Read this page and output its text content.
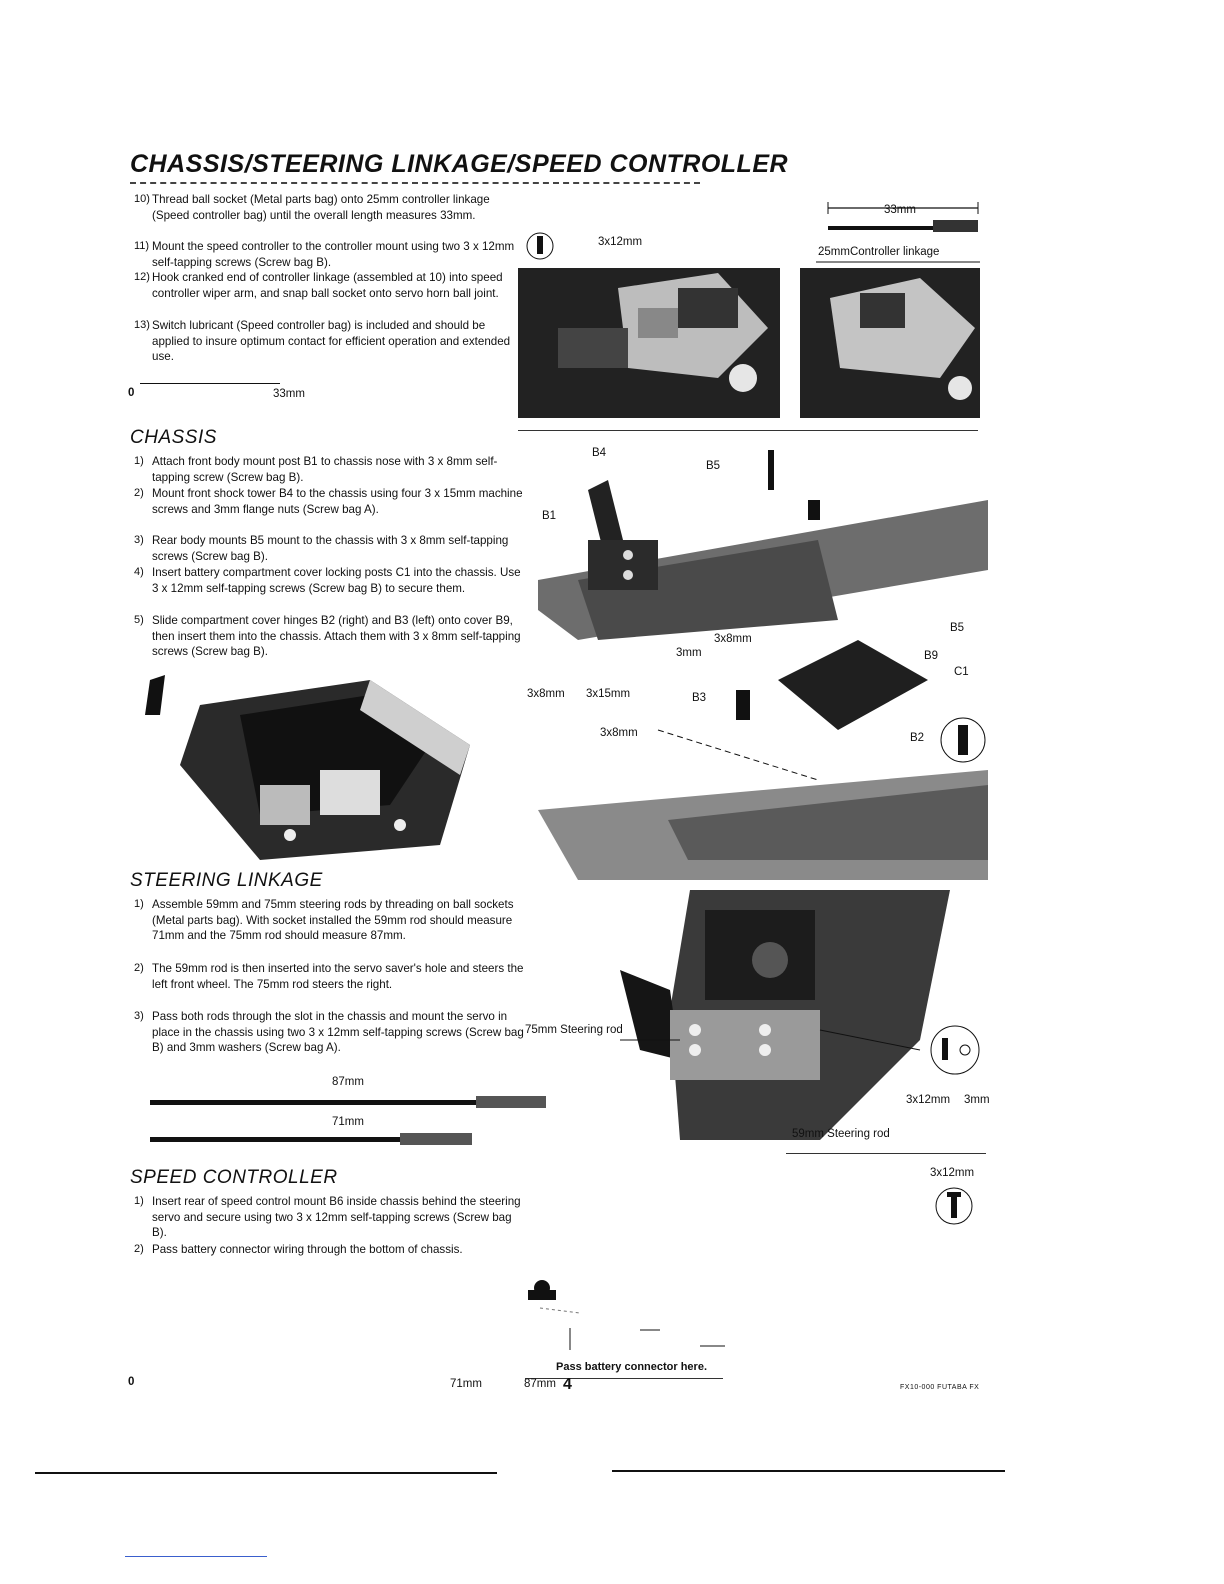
CHASSIS/STEERING LINKAGE/SPEED CONTROLLER
10) Thread ball socket (Metal parts bag) onto 25mm controller linkage (Speed controller bag) until the overall length measures 33mm.
11) Mount the speed controller to the controller mount using two 3 x 12mm self-tapping screws (Screw bag B).
12) Hook cranked end of controller linkage (assembled at 10) into speed controller wiper arm, and snap ball socket onto servo horn ball joint.
13) Switch lubricant (Speed controller bag) is included and should be applied to insure optimum contact for efficient operation and extended use.
0	33mm
CHASSIS
1) Attach front body mount post B1 to chassis nose with 3 x 8mm self-tapping screw (Screw bag B).
2) Mount front shock tower B4 to the chassis using four 3 x 15mm machine screws and 3mm flange nuts (Screw bag A).
3) Rear body mounts B5 mount to the chassis with 3 x 8mm self-tapping screws (Screw bag B).
4) Insert battery compartment cover locking posts C1 into the chassis. Use 3 x 12mm self-tapping screws (Screw bag B) to secure them.
5) Slide compartment cover hinges B2 (right) and B3 (left) onto cover B9, then insert them into the chassis. Attach them with 3 x 8mm self-tapping screws (Screw bag B).
STEERING LINKAGE
1) Assemble 59mm and 75mm steering rods by threading on ball sockets (Metal parts bag). With socket installed the 59mm rod should measure 71mm and the 75mm rod should measure 87mm.
2) The 59mm rod is then inserted into the servo saver's hole and steers the left front wheel. The 75mm rod steers the right.
3) Pass both rods through the slot in the chassis and mount the servo in place in the chassis using two 3 x 12mm self-tapping screws (Screw bag B) and 3mm washers (Screw bag A).
87mm
71mm
SPEED CONTROLLER
1) Insert rear of speed control mount B6 inside chassis behind the steering servo and secure using two 3 x 12mm self-tapping screws (Screw bag B).
2) Pass battery connector wiring through the bottom of chassis.
33mm
25mmController linkage
3x12mm
B4
B5
B1
B5
3x8mm
3mm	B9
C1
3x8mm 3x15mm	B3
3x8mm	B2
75mm Steering rod
3x12mm 3mm
59mm Steering rod
3x12mm
Pass battery connector here.
0	71mm	87mm 4	FX10-000 FUTABA FX
